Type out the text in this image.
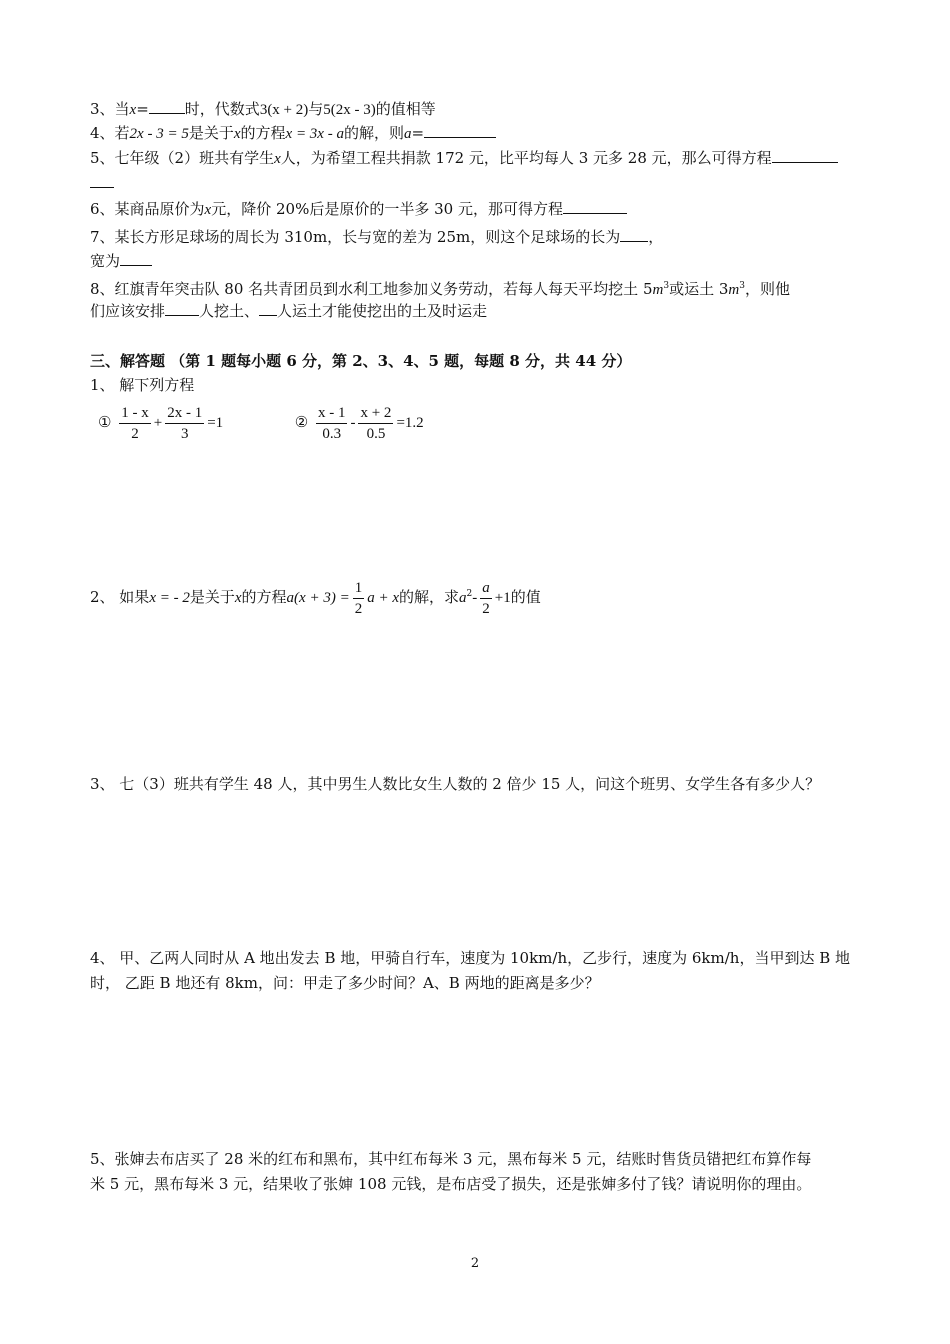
3、当x= 时，代数式3(x + 2)与5(2x - 3)的值相等
4、若2x - 3 = 5是关于x的方程x = 3x - a的解，则a=
5、七年级（2）班共有学生x人，为希望工程共捐款 172 元，比平均每人 3 元多 28 元，那么可得方程
6、某商品原价为x元，降价 20%后是原价的一半多 30 元，那可得方程
7、某长方形足球场的周长为 310m，长与宽的差为 25m，则这个足球场的长为 ，
宽为
8、红旗青年突击队 80 名共青团员到水利工地参加义务劳动，若每人每天平均挖土 $5m^3$或运土 $3m^3$，则他
们应该安排 人挖土、 人运土才能使挖出的土及时运走
三、解答题 （第 1 题每小题 6 分，第 2、3、4、5 题，每题 8 分，共 44 分）
1、 解下列方程
① $\frac{1 - x}{2} + \frac{2x - 1}{3} =1$	② $\frac{x - 1}{0.3} - \frac{x + 2}{0.5} =1.2$
2、 如果x = - 2是关于x的方程$a(x + 3) = \frac{1}{2}$ a + x的解，求$a^2- \frac{a}{2} +1$的值
3、 七（3）班共有学生 48 人，其中男生人数比女生人数的 2 倍少 15 人，问这个班男、女学生各有多少人？
4、 甲、乙两人同时从 A 地出发去 B 地，甲骑自行车，速度为 10km/h，乙步行，速度为 6km/h，当甲到达 B 地
时， 乙距 B 地还有 8km，问：甲走了多少时间？A、B 两地的距离是多少？
5、张婶去布店买了 28 米的红布和黑布，其中红布每米 3 元，黑布每米 5 元，结账时售货员错把红布算作每
米 5 元，黑布每米 3 元，结果收了张婶 108 元钱，是布店受了损失，还是张婶多付了钱？请说明你的理由。
2
